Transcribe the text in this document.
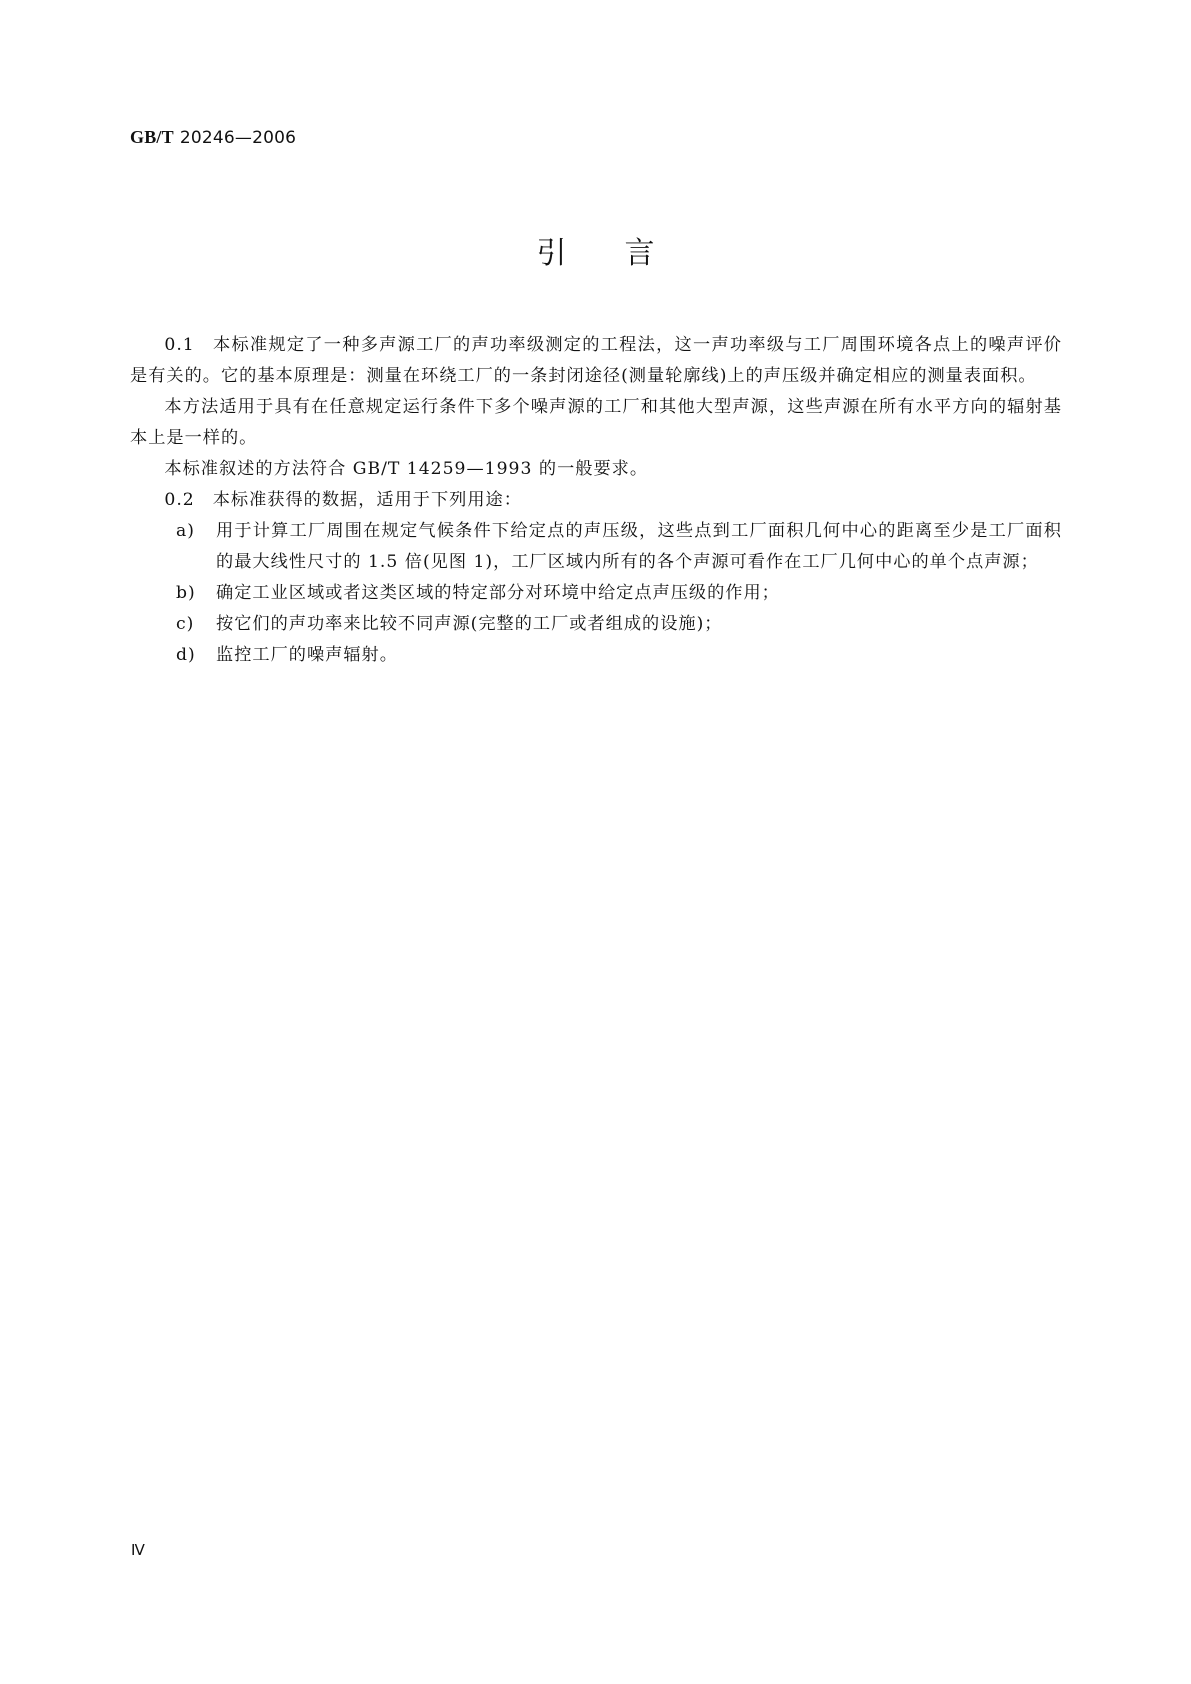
GB/T 20246—2006
引言

0.1 本标准规定了一种多声源工厂的声功率级测定的工程法，这一声功率级与工厂周围环境各点上的噪声评价是有关的。它的基本原理是：测量在环绕工厂的一条封闭途径(测量轮廓线)上的声压级并确定相应的测量表面积。

本方法适用于具有在任意规定运行条件下多个噪声源的工厂和其他大型声源，这些声源在所有水平方向的辐射基本上是一样的。

本标准叙述的方法符合 GB/T 14259—1993 的一般要求。

0.2 本标准获得的数据，适用于下列用途：

a) 用于计算工厂周围在规定气候条件下给定点的声压级，这些点到工厂面积几何中心的距离至少是工厂面积的最大线性尺寸的 1.5 倍(见图 1)，工厂区域内所有的各个声源可看作在工厂几何中心的单个点声源；

b) 确定工业区域或者这类区域的特定部分对环境中给定点声压级的作用；

c) 按它们的声功率来比较不同声源(完整的工厂或者组成的设施)；

d) 监控工厂的噪声辐射。

Ⅳ
